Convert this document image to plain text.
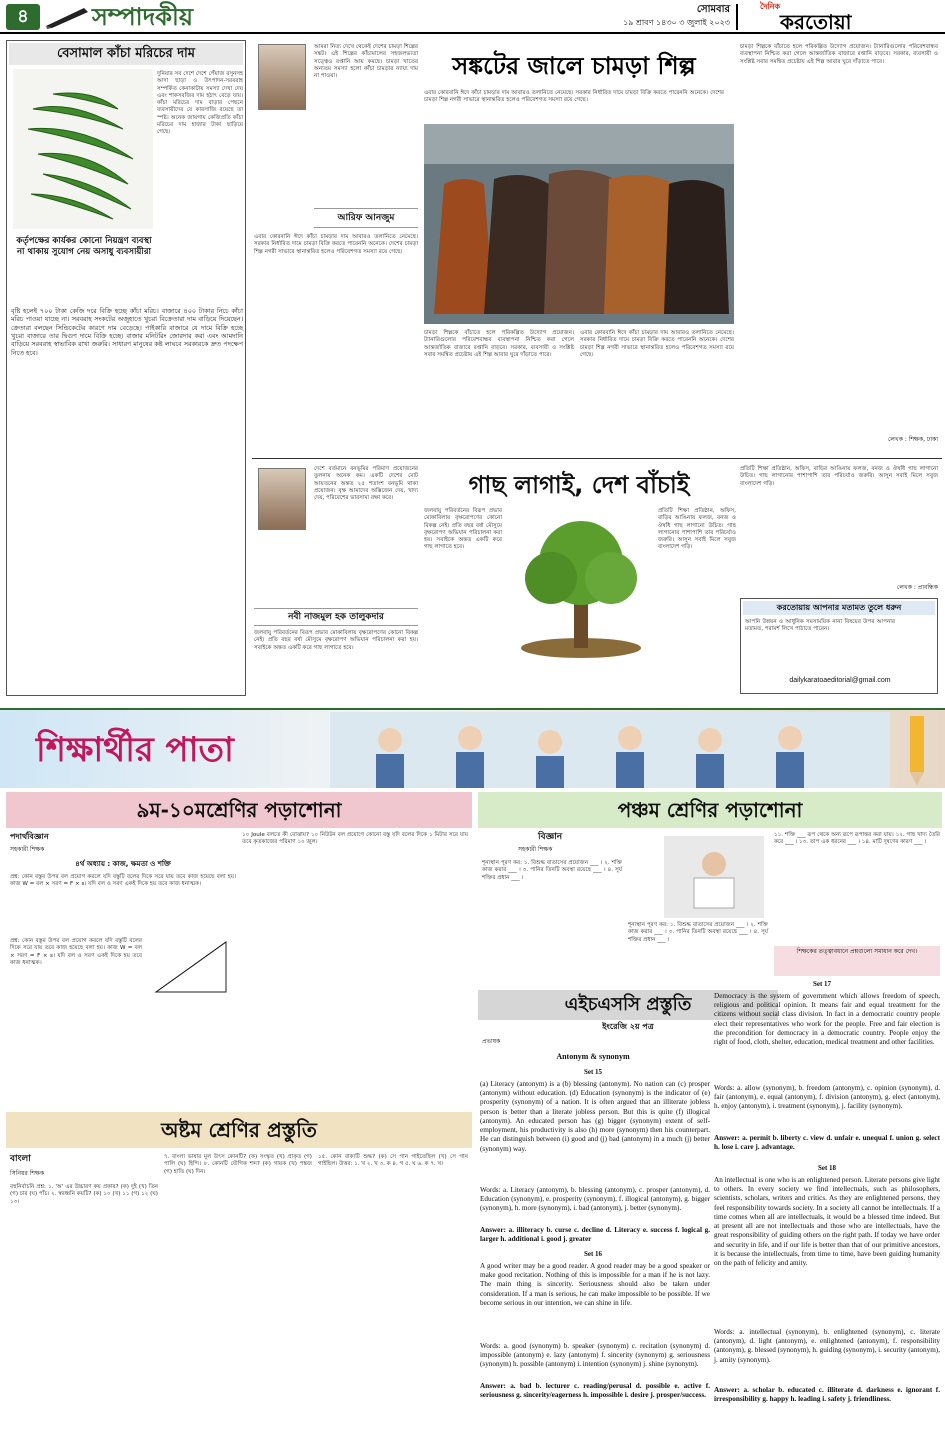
৪	সম্পাদকীয়	সোমবার
১৯ শ্রাবণ ১৪৩০ ৩ জুলাই ২০২৩
দৈনিক
করতোয়া
বেসামাল কাঁচা মরিচের দাম
দুনিয়ার সব দেশে দেশে পেঁয়াজ রসুনসহ আদা ছাড়া ও উৎপাদন-সরবরাহ সম্পর্কিত কেনাকাটায় সমস্যা দেখা দেয় এবং শাকসবজির দাম হঠাৎ বেড়ে যায়। কাঁচা মরিচের দাম বাড়ার পেছনে ব্যবসায়ীদের যে কারসাজি রয়েছে তা স্পষ্ট। অনেক জায়গায় কেজিপ্রতি কাঁচা মরিচের দাম হাজার টাকা ছাড়িয়ে গেছে।
কর্তৃপক্ষের কার্যকর কোনো নিয়ন্ত্রণ ব্যবস্থা না থাকায় সুযোগ নেয় অসাধু ব্যবসায়ীরা
বৃষ্টি হলেই ৭০০ টাকা কেজি দরে বিক্রি হচ্ছে কাঁচা মরিচ। বাজারে ৪০০ টাকার নিচে কাঁচা মরিচ পাওয়া যাচ্ছে না। সরবরাহ সংকটের অজুহাতে খুচরা বিক্রেতারা দাম বাড়িয়ে দিয়েছেন। ক্রেতারা বলছেন সিন্ডিকেটের কারণে দাম বেড়েছে। পাইকারি বাজারে যে দামে বিক্রি হচ্ছে খুচরা বাজারে তার দ্বিগুণ দামে বিক্রি হচ্ছে। বাজার মনিটরিং জোরদার করা এবং আমদানি বাড়িয়ে সরবরাহ স্বাভাবিক রাখা জরুরি। সাধারণ মানুষের কষ্ট লাঘবে সরকারকে দ্রুত পদক্ষেপ নিতে হবে।
আমরা নিত্য দেখে থেকেই দেশের চামড়া শিল্পের সঙ্কট। এই শিল্পের কাঁচামালের সহজলভ্যতা সত্ত্বেও রপ্তানি আয় কমছে। চামড়া খাতের অন্যতম সমস্যা হলো কাঁচা চামড়ার ন্যায্য দাম না পাওয়া।	সঙ্কটের জালে চামড়া শিল্প
এবার কোরবানি ঈদে কাঁচা চামড়ার দাম আবারও তলানিতে নেমেছে। সরকার নির্ধারিত দামে চামড়া বিক্রি করতে পারেননি অনেকে। দেশের চামড়া শিল্প নগরী সাভারে স্থানান্তরিত হলেও পরিবেশগত সমস্যা রয়ে গেছে।
আরিফ আনজুম
এবার কোরবানি ঈদে কাঁচা চামড়ার দাম আবারও তলানিতে নেমেছে। সরকার নির্ধারিত দামে চামড়া বিক্রি করতে পারেননি অনেকে। দেশের চামড়া শিল্প নগরী সাভারে স্থানান্তরিত হলেও পরিবেশগত সমস্যা রয়ে গেছে।
চামড়া শিল্পকে বাঁচাতে হলে পরিকল্পিত উদ্যোগ প্রয়োজন। ট্যানারিগুলোর পরিবেশবান্ধব ব্যবস্থাপনা নিশ্চিত করা গেলে আন্তর্জাতিক বাজারে রপ্তানি বাড়বে। সরকার, ব্যবসায়ী ও সংশ্লিষ্ট সবার সমন্বিত প্রচেষ্টায় এই শিল্প আবার ঘুরে দাঁড়াতে পারে।
এবার কোরবানি ঈদে কাঁচা চামড়ার দাম আবারও তলানিতে নেমেছে। সরকার নির্ধারিত দামে চামড়া বিক্রি করতে পারেননি অনেকে। দেশের চামড়া শিল্প নগরী সাভারে স্থানান্তরিত হলেও পরিবেশগত সমস্যা রয়ে গেছে।
চামড়া শিল্পকে বাঁচাতে হলে পরিকল্পিত উদ্যোগ প্রয়োজন। ট্যানারিগুলোর পরিবেশবান্ধব ব্যবস্থাপনা নিশ্চিত করা গেলে আন্তর্জাতিক বাজারে রপ্তানি বাড়বে। সরকার, ব্যবসায়ী ও সংশ্লিষ্ট সবার সমন্বিত প্রচেষ্টায় এই শিল্প আবার ঘুরে দাঁড়াতে পারে।
লেখক : শিক্ষক, ঢাকা
দেশে বর্তমানে বনভূমির পরিমাণ প্রয়োজনের তুলনায় অনেক কম। একটি দেশের মোট আয়তনের অন্তত ২৫ শতাংশ বনভূমি থাকা প্রয়োজন। বৃক্ষ আমাদের অক্সিজেন দেয়, খাদ্য দেয়, পরিবেশের ভারসাম্য রক্ষা করে।
নবী নাজমুল হক তালুকদার
জলবায়ু পরিবর্তনের বিরূপ প্রভাব মোকাবিলায় বৃক্ষরোপণের কোনো বিকল্প নেই। প্রতি বছর বর্ষা মৌসুমে বৃক্ষরোপণ অভিযান পরিচালনা করা হয়। সবাইকে অন্তত একটি করে গাছ লাগাতে হবে।
গাছ লাগাই, দেশ বাঁচাই
জলবায়ু পরিবর্তনের বিরূপ প্রভাব মোকাবিলায় বৃক্ষরোপণের কোনো বিকল্প নেই। প্রতি বছর বর্ষা মৌসুমে বৃক্ষরোপণ অভিযান পরিচালনা করা হয়। সবাইকে অন্তত একটি করে গাছ লাগাতে হবে।
প্রতিটি শিক্ষা প্রতিষ্ঠান, অফিস, বাড়ির আঙিনায় ফলজ, বনজ ও ঔষধি গাছ লাগানো উচিত। গাছ লাগানোর পাশাপাশি তার পরিচর্যাও জরুরি। আসুন সবাই মিলে সবুজ বাংলাদেশ গড়ি।
প্রতিটি শিক্ষা প্রতিষ্ঠান, অফিস, বাড়ির আঙিনায় ফলজ, বনজ ও ঔষধি গাছ লাগানো উচিত। গাছ লাগানোর পাশাপাশি তার পরিচর্যাও জরুরি। আসুন সবাই মিলে সবুজ বাংলাদেশ গড়ি।
লেখক : প্রাবন্ধিক
করতোয়ায় আপনার মতামত তুলে ধরুন
আপনি উন্নয়ন ও আধুনিক সমসাময়িক নানা বিষয়ের উপর আপনার মতামত, পরামর্শ লিখে পাঠাতে পারেন।
dailykaratoaeditorial@gmail.com
শিক্ষার্থীর পাতা
৯ম-১০মশ্রেণির পড়াশোনা
পদার্থবিজ্ঞান
সহকারী শিক্ষক
৪র্থ অধ্যায় : কাজ, ক্ষমতা ও শক্তি
প্রশ্ন: কোন বস্তুর উপর বল প্রয়োগ করলে যদি বস্তুটি বলের দিকে সরে যায় তবে কাজ হয়েছে বলা হয়। কাজ W = বল × সরণ = F × s। যদি বল ও সরণ একই দিকে হয় তবে কাজ ধনাত্মক।
প্রশ্ন: কোন বস্তুর উপর বল প্রয়োগ করলে যদি বস্তুটি বলের দিকে সরে যায় তবে কাজ হয়েছে বলা হয়। কাজ W = বল × সরণ = F × s। যদি বল ও সরণ একই দিকে হয় তবে কাজ ধনাত্মক।
১০ Joule বলতে কী বোঝায়? ১০ নিউটন বল প্রয়োগে কোনো বস্তু যদি বলের দিকে ১ মিটার সরে যায় তবে কৃতকাজের পরিমাণ ১০ জুল।
পঞ্চম শ্রেণির পড়াশোনা
বিজ্ঞান
সহকারী শিক্ষক
শূন্যস্থান পূরণ কর: ১. বিশুদ্ধ বাতাসের প্রয়োজন ___ । ২. শক্তি কাজ করার ___ । ৩. পানির তিনটি অবস্থা রয়েছে ___ । ৪. সূর্য শক্তির প্রধান ___ ।
শূন্যস্থান পূরণ কর: ১. বিশুদ্ধ বাতাসের প্রয়োজন ___ । ২. শক্তি কাজ করার ___ । ৩. পানির তিনটি অবস্থা রয়েছে ___ । ৪. সূর্য শক্তির প্রধান ___ ।
১১. শক্তি ___ রূপ থেকে অন্য রূপে রূপান্তর করা যায়। ১২. গাছ খাদ্য তৈরি করে ___ । ১৩. তাপ এক ধরনের ___ । ১৪. মাটি দূষণের কারণ ___ ।
শিক্ষকের তত্ত্বাবধানে প্রশ্নগুলো সমাধান করে দেখ।
এইচএসসি প্রস্তুতি
ইংরেজি ২য় পত্র
প্রভাষক
Antonym & synonym
Set 15
(a) Literacy (antonym) is a (b) blessing (antonym). No nation can (c) prosper (antonym) without education. (d) Education (synonym) is the indicator of (e) prosperity (synonym) of a nation. It is often argued that an illiterate jobless person is better than a literate jobless person. But this is quite (f) illogical (antonym). An educated person has (g) bigger (synonym) extent of self-employment, his productivity is also (h) more (synonym) then his counterpart. He can distinguish between (i) good and (j) bad (antonym) in a much (j) better (synonym) way.
Words: a. Literacy (antonym), b. blessing (antonym), c. prosper (antonym), d. Education (synonym), e. prosperity (synonym), f. illogical (antonym), g. bigger (synonym), h. more (synonym), i. bad (antonym), j. better (synonym).
Answer: a. illiteracy b. curse c. decline d. Literacy e. success f. logical g. larger h. additional i. good j. greater
Set 16
A good writer may be a good reader. A good reader may be a good speaker or make good recitation. Nothing of this is impossible for a man if he is not lazy. The main thing is sincerity. Seriousness should also be taken under consideration. If a man is serious, he can make impossible to be possible. If we become serious in our intention, we can shine in life.
Words: a. good (synonym) b. speaker (synonym) c. recitation (synonym) d. impossible (antonym) e. lazy (antonym) f. sincerity (synonym) g. seriousness (synonym) h. possible (antonym) i. intention (synonym) j. shine (synonym).
Answer: a. bad b. lecturer c. reading/perusal d. possible e. active f. seriousness g. sincerity/eagerness h. impossible i. desire j. prosper/success.
Democracy is the system of government which allows freedom of speech, religious and political opinion. It means fair and equal treatment for the citizens without social class division. In fact in a democratic country people elect their representatives who work for the people. Free and fair election is the precondition for democracy in a democratic country. People enjoy the right of food, cloth, shelter, education, medical treatment and other facilities.
Set 17
Words: a. allow (synonym), b. freedom (antonym), c. opinion (synonym), d. fair (antonym), e. equal (antonym), f. division (antonym), g. elect (antonym), h. enjoy (antonym), i. treatment (synonym), j. facility (synonym).
Answer: a. permit b. liberty c. view d. unfair e. unequal f. union g. select h. lose i. care j. advantage.
Set 18
An intellectual is one who is an enlightened person. Literate persons give light to others. In every society we find intellectuals, such as philosophers, scientists, scholars, writers and critics. As they are enlightened persons, they feel responsibility towards society. In a society all cannot be intellectuals. If a time comes when all are intellectuals, it would be a blessed time indeed. But at present all are not intellectuals and those who are intellectuals, have the great responsibility of guiding others on the right path. If today we have order and security in life, and if our life is better than that of our primitive ancestors, it is because the intellectuals, from time to time, have been guiding humanity on the path of felicity and amity.
Words: a. intellectual (synonym), b. enlightened (synonym), c. literate (antonym), d. light (antonym), e. enlightened (antonym), f. responsibility (antonym), g. blessed (synonym), h. guiding (synonym), i. security (antonym), j. amity (synonym).
Answer: a. scholar b. educated c. illiterate d. darkness e. ignorant f. irresponsibility g. happy h. leading i. safety j. friendliness.
অষ্টম শ্রেণির প্রস্তুতি
বাংলা
সিনিয়র শিক্ষক
বহুনির্বাচনি প্রশ্ন: ১. 'অ' এর উচ্চারণ কয় প্রকার? (ক) দুই (খ) তিন (গ) চার (ঘ) পাঁচ। ২. স্বরধ্বনি কয়টি? (ক) ১০ (খ) ১১ (গ) ১২ (ঘ) ১৩।
৭. বাংলা ভাষার মূল উৎস কোনটি? (ক) সংস্কৃত (খ) প্রাকৃত (গ) পালি (ঘ) হিন্দি। ৮. কোনটি যৌগিক শব্দ? (ক) গায়ক (খ) পঙ্কজ (গ) হাতি (ঘ) দিন।
১৫. কোন বাক্যটি শুদ্ধ? (ক) সে গান গাইতেছিল (খ) সে গান গাইছিল। উত্তর: ১. খ ২. খ ৩. ক ৪. গ ৫. ঘ ৬. ক ৭. খ।
